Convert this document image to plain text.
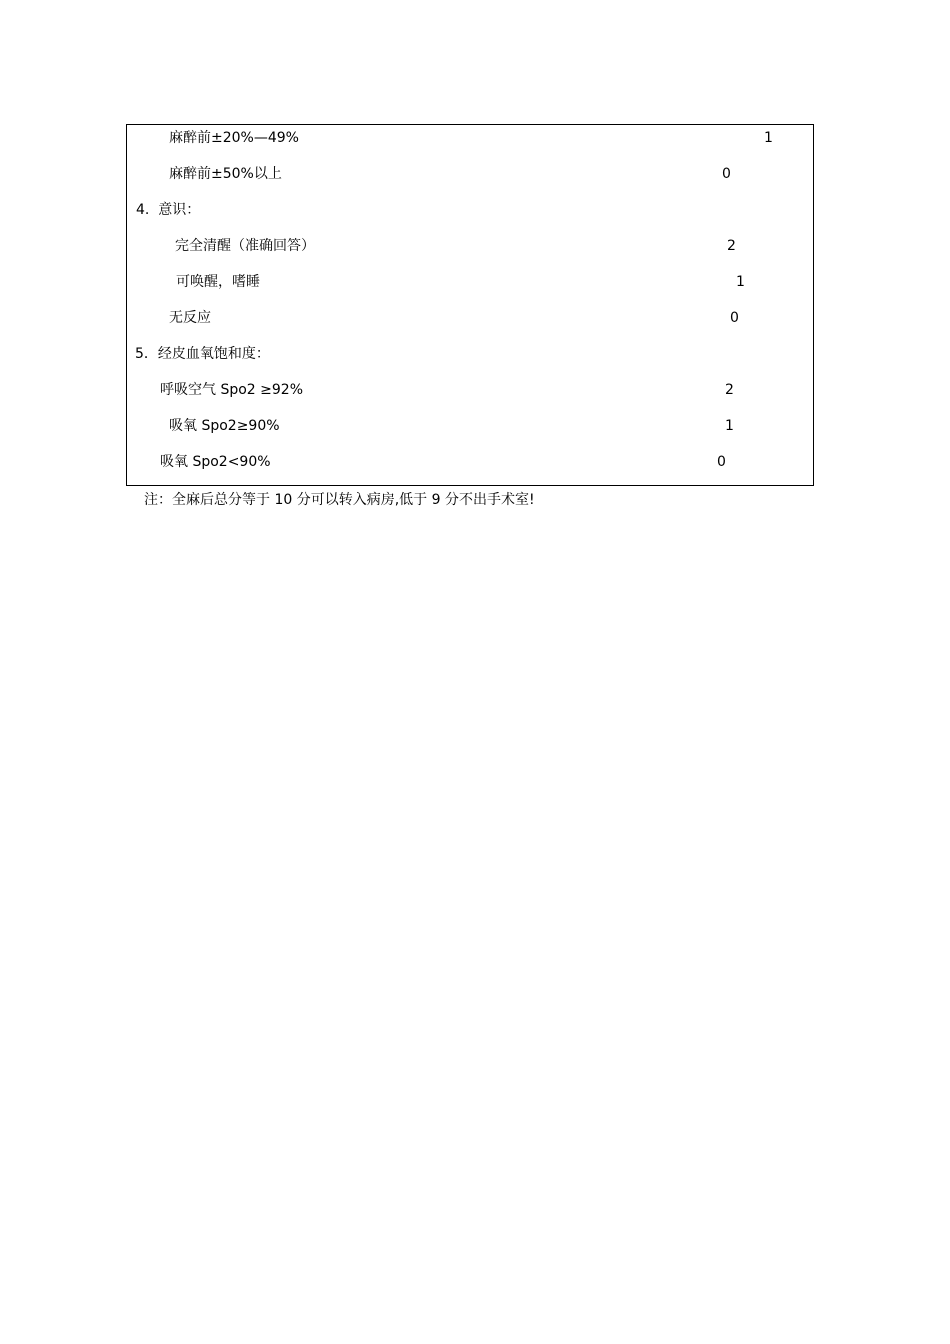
麻醉前±20%—49%	1
麻醉前±50%以上	0
4.  意识：
完全清醒（准确回答）	2
可唤醒，嗜睡	1
无反应	0
5．经皮血氧饱和度：
呼吸空气 Spo2 ≥92%	2
吸氧 Spo2≥90%	1
吸氧 Spo2<90%	0
注：全麻后总分等于 10 分可以转入病房,低于 9 分不出手术室!
